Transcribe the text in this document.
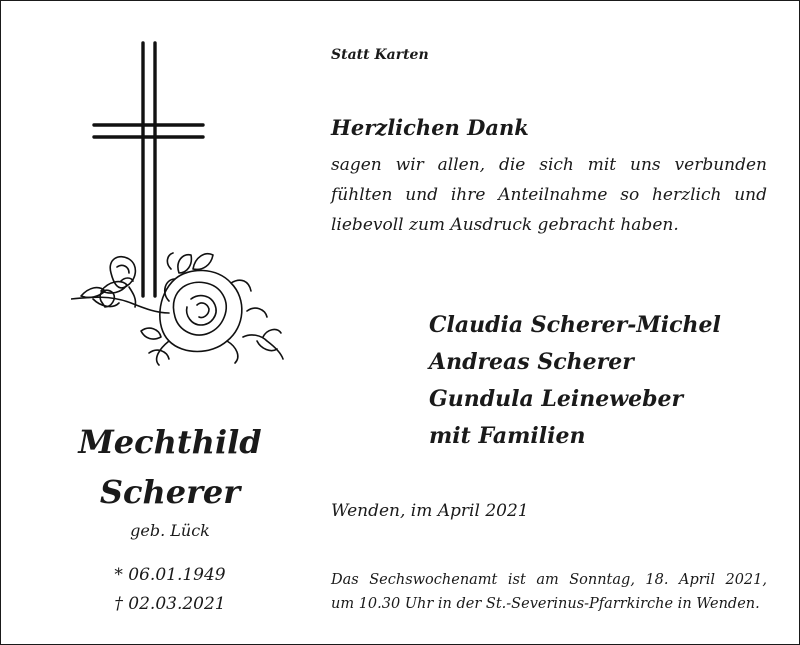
Statt Karten
Herzlichen Dank
sagen wir allen, die sich mit uns verbunden fühlten und ihre Anteilnahme so herzlich und liebevoll zum Ausdruck gebracht haben.
Claudia Scherer-Michel
Andreas Scherer
Gundula Leineweber
mit Familien
Wenden, im April 2021
Das Sechswochenamt ist am Sonntag, 18. April 2021,
um 10.30 Uhr in der St.-Severinus-Pfarrkirche in Wenden.
Mechthild
Scherer
geb. Lück
* 06.01.1949
† 02.03.2021
